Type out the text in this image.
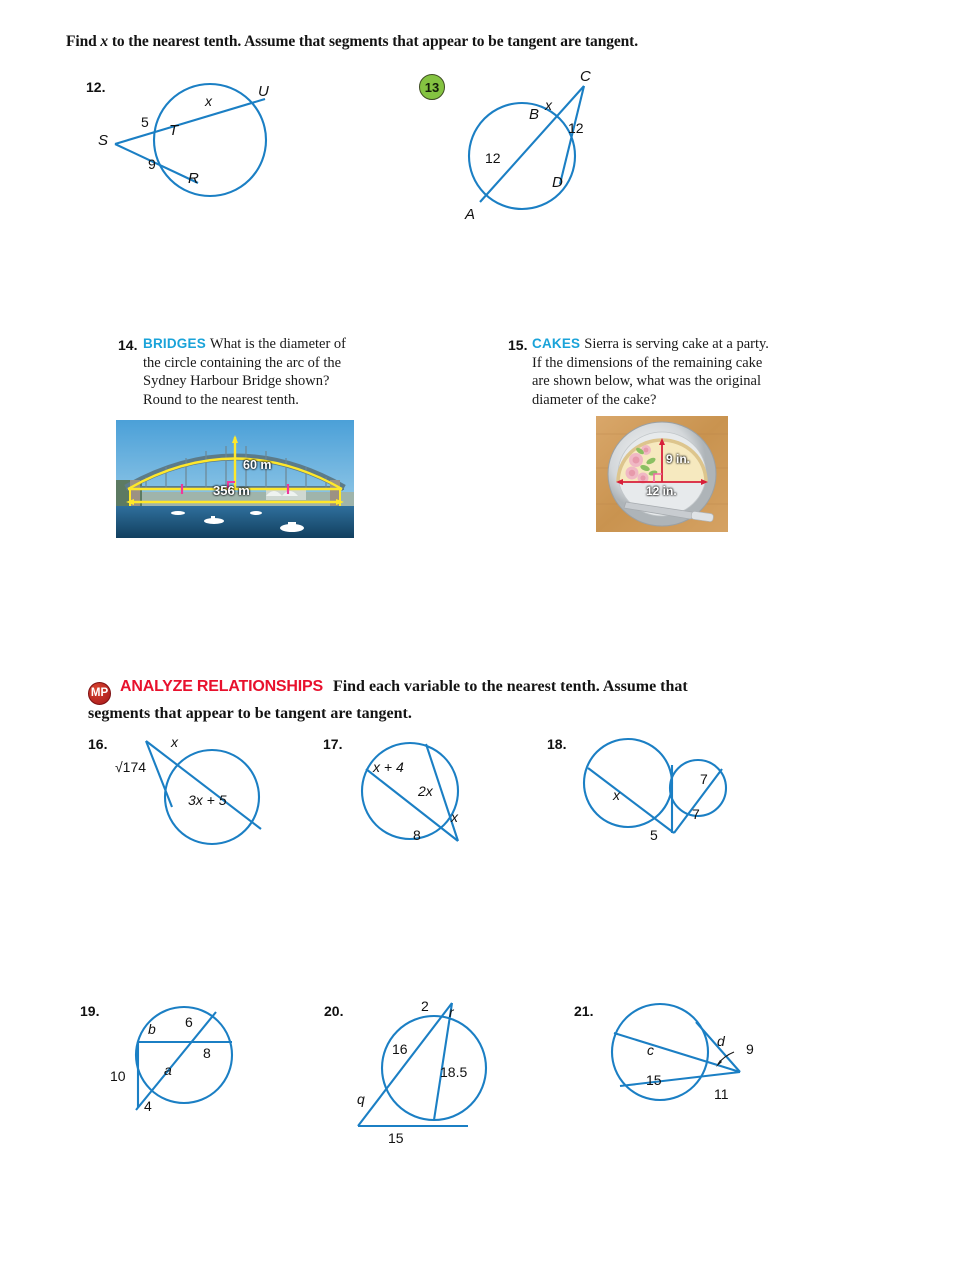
Find x to the nearest tenth. Assume that segments that appear to be tangent are tangent.
12.
x
5
9
S
T
R
U	13
x
12
12
A
B
C
D
14. BRIDGES What is the diameter of the circle containing the arc of the Sydney Harbour Bridge shown? Round to the nearest tenth.
60 m
356 m
15. CAKES Sierra is serving cake at a party. If the dimensions of the remaining cake are shown below, what was the original diameter of the cake?
9 in.
12 in.
MP ANALYZE RELATIONSHIPS Find each variable to the nearest tenth. Assume that segments that appear to be tangent are tangent.
16.	x
√174
3x + 5
17.
x + 4
2x
x
8
18.
x
5
7
7
19.
b 6
8
a
10
4
20.	2 r
16
18.5
q
15
21.
c
d 9
15
11
